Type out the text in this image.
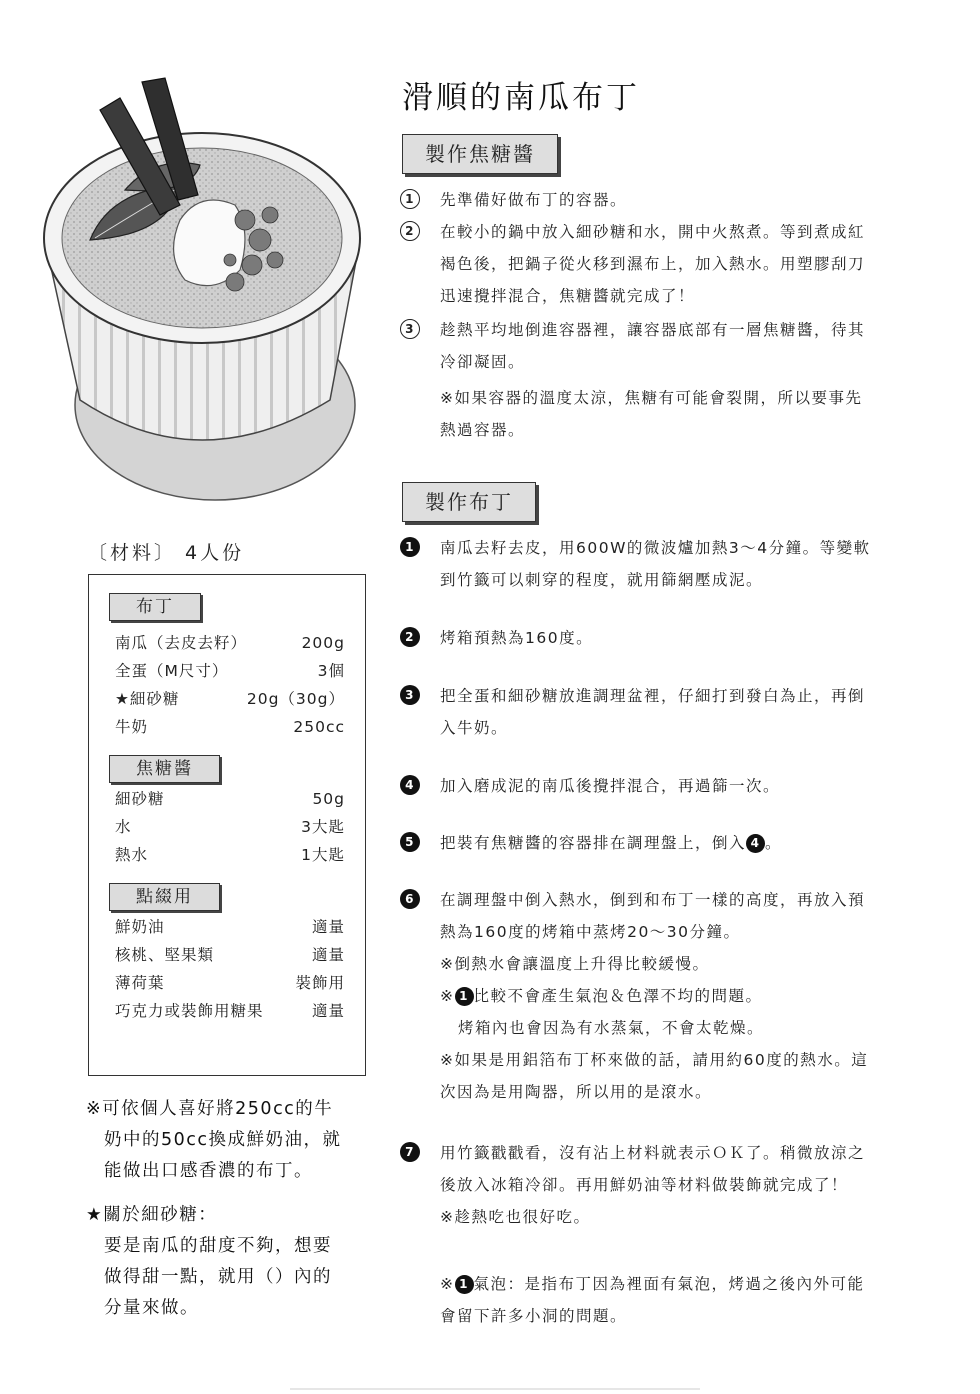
滑順的南瓜布丁
製作焦糖醬
1	先準備好做布丁的容器。
2	在較小的鍋中放入細砂糖和水，開中火熬煮。等到煮成紅
褐色後，把鍋子從火移到濕布上，加入熱水。用塑膠刮刀
迅速攪拌混合，焦糖醬就完成了！
3	趁熱平均地倒進容器裡，讓容器底部有一層焦糖醬，待其
冷卻凝固。
※如果容器的溫度太涼，焦糖有可能會裂開，所以要事先
熱過容器。
製作布丁
1	南瓜去籽去皮，用600W的微波爐加熱3～4分鐘。等變軟
到竹籤可以刺穿的程度，就用篩網壓成泥。
2	烤箱預熱為160度。
3	把全蛋和細砂糖放進調理盆裡，仔細打到發白為止，再倒
入牛奶。
4	加入磨成泥的南瓜後攪拌混合，再過篩一次。
5	把裝有焦糖醬的容器排在調理盤上，倒入 4 。
6	在調理盤中倒入熱水，倒到和布丁一樣的高度，再放入預
熱為160度的烤箱中蒸烤20～30分鐘。
※倒熱水會讓溫度上升得比較緩慢。
※ 1 比較不會產生氣泡＆色澤不均的問題。
烤箱內也會因為有水蒸氣，不會太乾燥。
※如果是用鋁箔布丁杯來做的話，請用約60度的熱水。這
次因為是用陶器，所以用的是滾水。
7	用竹籤戳戳看，沒有沾上材料就表示ＯＫ了。稍微放涼之
後放入冰箱冷卻。再用鮮奶油等材料做裝飾就完成了！
※趁熱吃也很好吃。
※ 1 氣泡：是指布丁因為裡面有氣泡，烤過之後內外可能
會留下許多小洞的問題。
〔材料〕 4人份
布丁
南瓜（去皮去籽）	200g
全蛋（M尺寸）	3個
★細砂糖	20g（30g）
牛奶	250cc
焦糖醬
細砂糖	50g
水	3大匙
熱水	1大匙
點綴用
鮮奶油	適量
核桃、堅果類	適量
薄荷葉	裝飾用
巧克力或裝飾用糖果	適量
※可依個人喜好將250cc的牛
奶中的50cc換成鮮奶油，就
能做出口感香濃的布丁。
★關於細砂糖：
要是南瓜的甜度不夠，想要
做得甜一點，就用（）內的
分量來做。
